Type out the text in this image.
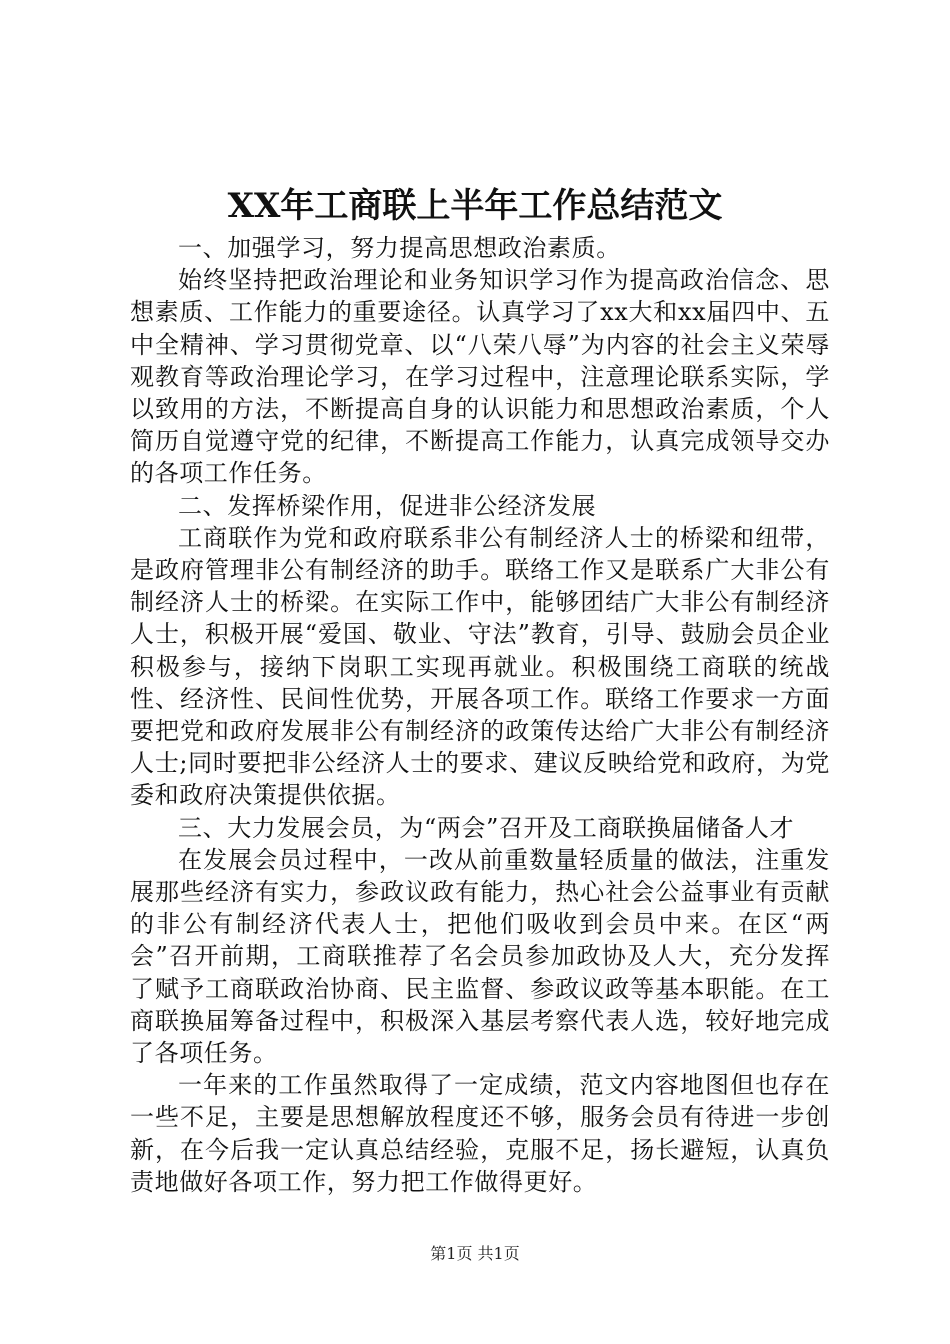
XX年工商联上半年工作总结范文

一、加强学习，努力提高思想政治素质。

始终坚持把政治理论和业务知识学习作为提高政治信念、思想素质、工作能力的重要途径。认真学习了xx大和xx届四中、五中全精神、学习贯彻党章、以“八荣八辱”为内容的社会主义荣辱观教育等政治理论学习，在学习过程中，注意理论联系实际，学以致用的方法，不断提高自身的认识能力和思想政治素质，个人简历自觉遵守党的纪律，不断提高工作能力，认真完成领导交办的各项工作任务。

二、发挥桥梁作用，促进非公经济发展

工商联作为党和政府联系非公有制经济人士的桥梁和纽带，是政府管理非公有制经济的助手。联络工作又是联系广大非公有制经济人士的桥梁。在实际工作中，能够团结广大非公有制经济人士，积极开展“爱国、敬业、守法”教育，引导、鼓励会员企业积极参与，接纳下岗职工实现再就业。积极围绕工商联的统战性、经济性、民间性优势，开展各项工作。联络工作要求一方面要把党和政府发展非公有制经济的政策传达给广大非公有制经济人士;同时要把非公经济人士的要求、建议反映给党和政府，为党委和政府决策提供依据。

三、大力发展会员，为“两会”召开及工商联换届储备人才

在发展会员过程中，一改从前重数量轻质量的做法，注重发展那些经济有实力，参政议政有能力，热心社会公益事业有贡献的非公有制经济代表人士，把他们吸收到会员中来。在区“两会”召开前期，工商联推荐了名会员参加政协及人大，充分发挥了赋予工商联政治协商、民主监督、参政议政等基本职能。在工商联换届筹备过程中，积极深入基层考察代表人选，较好地完成了各项任务。

一年来的工作虽然取得了一定成绩，范文内容地图但也存在一些不足，主要是思想解放程度还不够，服务会员有待进一步创新，在今后我一定认真总结经验，克服不足，扬长避短，认真负责地做好各项工作，努力把工作做得更好。

第1页 共1页
